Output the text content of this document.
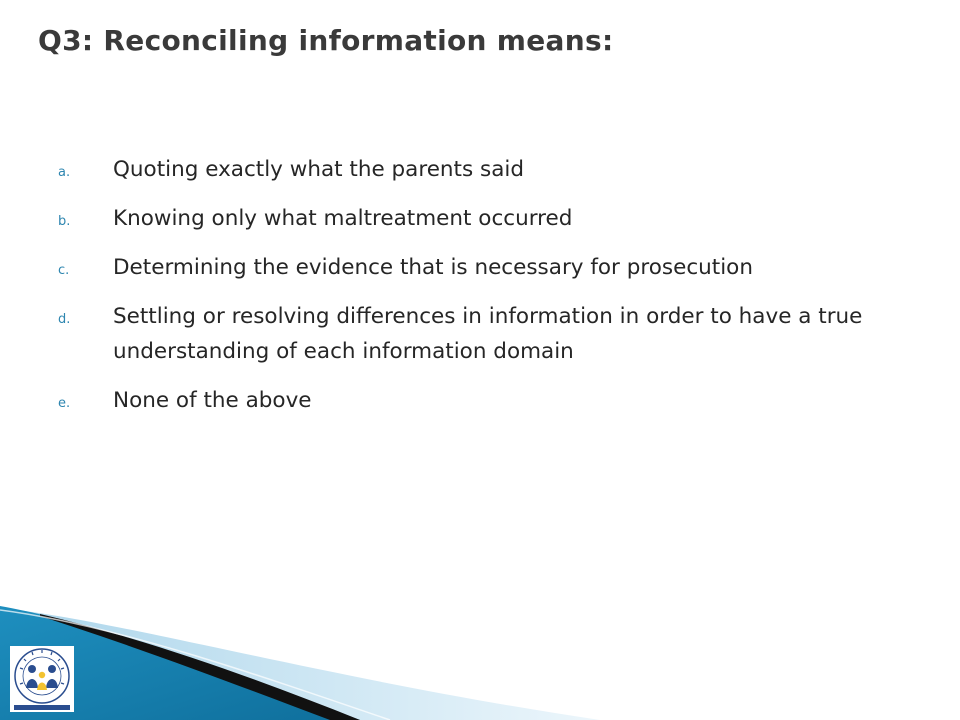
Q3: Reconciling information means:
a. Quoting exactly what the parents said
b. Knowing only what maltreatment occurred
c. Determining the evidence that is necessary for prosecution
d. Settling or resolving differences in information in order to have a true understanding of each information domain
e. None of the above
